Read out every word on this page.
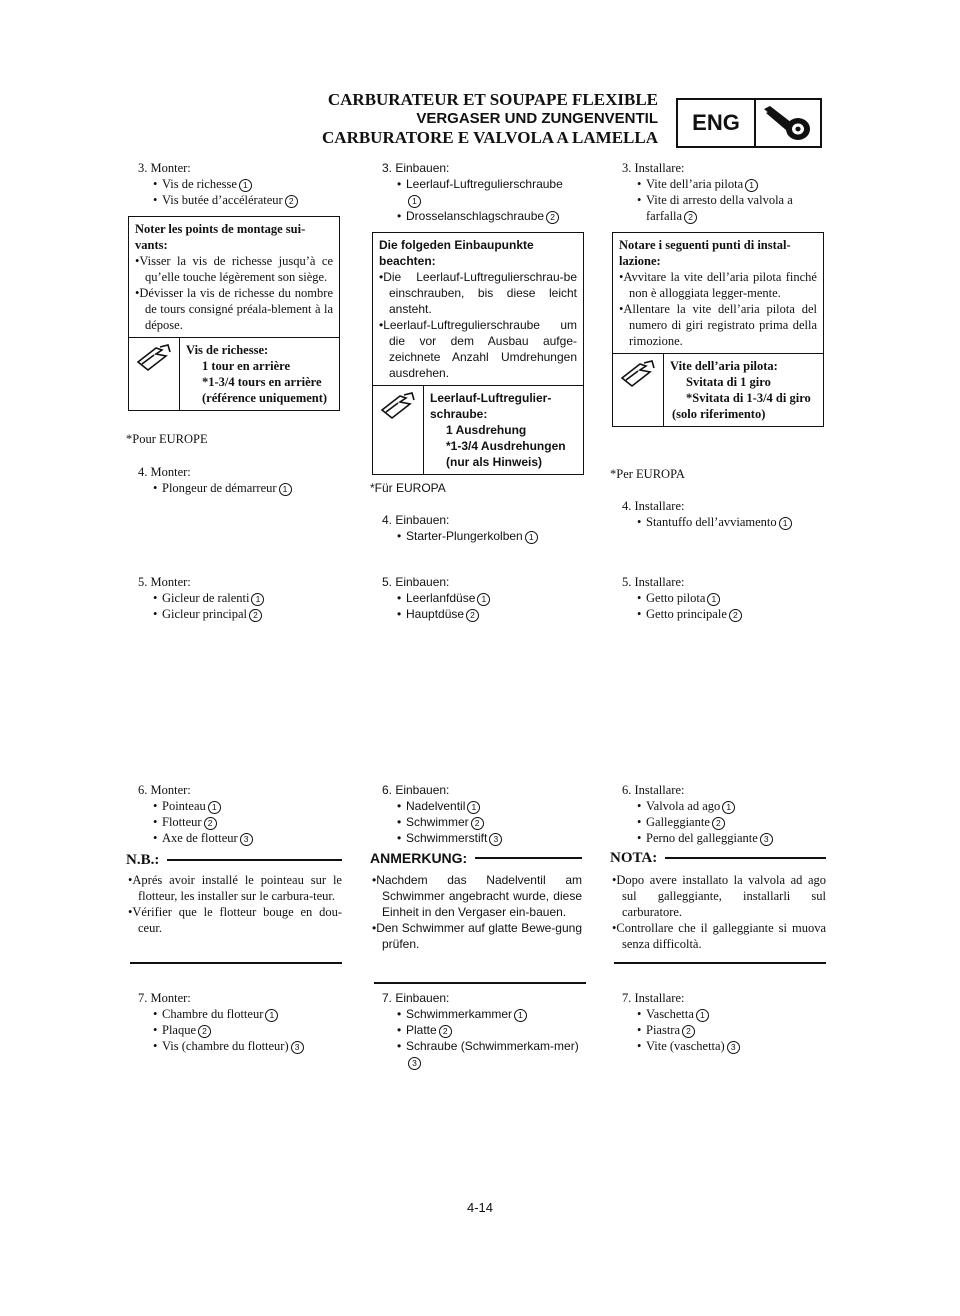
CARBURATEUR ET SOUPAPE FLEXIBLE
VERGASER UND ZUNGENVENTIL
CARBURATORE E VALVOLA A LAMELLA
ENG
3. Monter:
• Vis de richesse 1
• Vis butée d’accélérateur 2
Noter les points de montage sui-vants:
•Visser la vis de richesse jusqu’à ce qu’elle touche légèrement son siège.
•Dévisser la vis de richesse du nombre de tours consigné préala-blement à la dépose.
Vis de richesse:
1 tour en arrière
*1-3/4 tours en arrière
(référence uniquement)
*Pour EUROPE
4. Monter:
• Plongeur de démarreur 1
5. Monter:
• Gicleur de ralenti 1
• Gicleur principal 2
6. Monter:
• Pointeau 1
• Flotteur 2
• Axe de flotteur 3
N.B.:
•Aprés avoir installé le pointeau sur le flotteur, les installer sur le carbura-teur.
•Vérifier que le flotteur bouge en dou-ceur.
7. Monter:
• Chambre du flotteur 1
• Plaque 2
• Vis (chambre du flotteur) 3
3. Einbauen:
• Leerlauf-Luftregulierschraube
1
• Drosselanschlagschraube 2
Die folgeden Einbaupunkte beachten:
•Die Leerlauf-Luftregulierschrau-be einschrauben, bis diese leicht ansteht.
•Leerlauf-Luftregulierschraube um die vor dem Ausbau aufge-zeichnete Anzahl Umdrehungen ausdrehen.
Leerlauf-Luftregulier-schraube:
1 Ausdrehung
*1-3/4 Ausdrehungen
(nur als Hinweis)
*Für EUROPA
4. Einbauen:
• Starter-Plungerkolben 1
5. Einbauen:
• Leerlanfdüse 1
• Hauptdüse 2
6. Einbauen:
• Nadelventil 1
• Schwimmer 2
• Schwimmerstift 3
ANMERKUNG:
•Nachdem das Nadelventil am Schwimmer angebracht wurde, diese Einheit in den Vergaser ein-bauen.
•Den Schwimmer auf glatte Bewe-gung prüfen.
7. Einbauen:
• Schwimmerkammer 1
• Platte 2
• Schraube (Schwimmerkam-mer)3
3. Installare:
• Vite dell’aria pilota 1
• Vite di arresto della valvola a farfalla 2
Notare i seguenti punti di instal-lazione:
•Avvitare la vite dell’aria pilota finché non è alloggiata legger-mente.
•Allentare la vite dell’aria pilota del numero di giri registrato prima della rimozione.
Vite dell’aria pilota:
Svitata di 1 giro
*Svitata di 1-3/4 di giro
(solo riferimento)
*Per EUROPA
4. Installare:
• Stantuffo dell’avviamento 1
5. Installare:
• Getto pilota 1
• Getto principale 2
6. Installare:
• Valvola ad ago 1
• Galleggiante 2
• Perno del galleggiante 3
NOTA:
•Dopo avere installato la valvola ad ago sul galleggiante, installarli sul carburatore.
•Controllare che il galleggiante si muova senza difficoltà.
7. Installare:
• Vaschetta 1
• Piastra 2
• Vite (vaschetta) 3
4-14
